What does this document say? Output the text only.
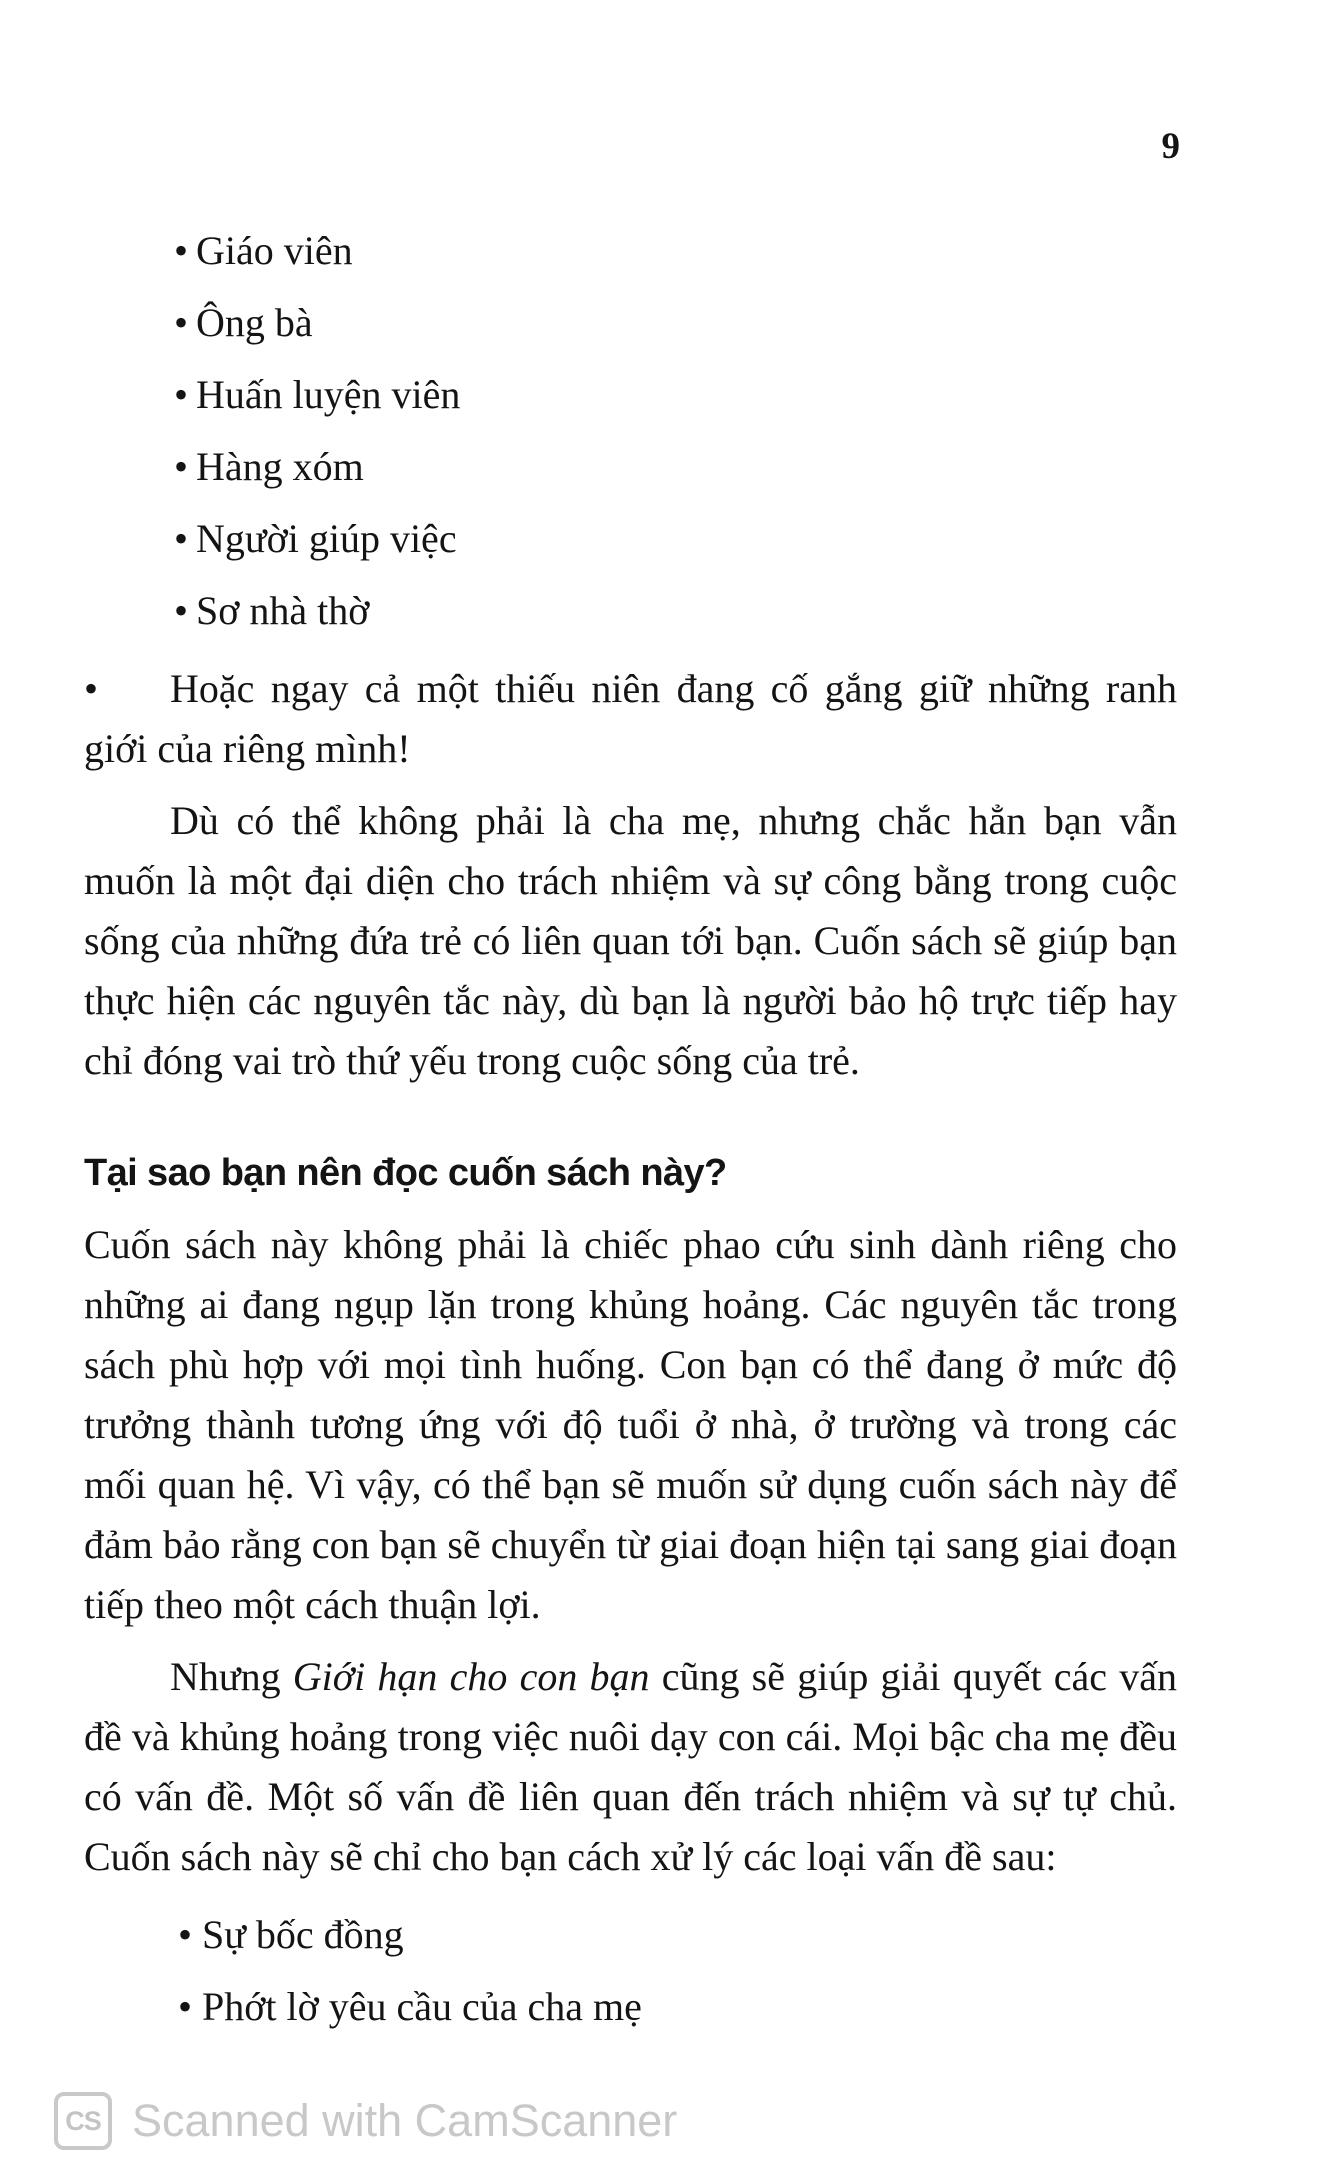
9
• Giáo viên
• Ông bà
• Huấn luyện viên
• Hàng xóm
• Người giúp việc
• Sơ nhà thờ

• Hoặc ngay cả một thiếu niên đang cố gắng giữ những ranh giới của riêng mình!

Dù có thể không phải là cha mẹ, nhưng chắc hẳn bạn vẫn muốn là một đại diện cho trách nhiệm và sự công bằng trong cuộc sống của những đứa trẻ có liên quan tới bạn. Cuốn sách sẽ giúp bạn thực hiện các nguyên tắc này, dù bạn là người bảo hộ trực tiếp hay chỉ đóng vai trò thứ yếu trong cuộc sống của trẻ.

Tại sao bạn nên đọc cuốn sách này?

Cuốn sách này không phải là chiếc phao cứu sinh dành riêng cho những ai đang ngụp lặn trong khủng hoảng. Các nguyên tắc trong sách phù hợp với mọi tình huống. Con bạn có thể đang ở mức độ trưởng thành tương ứng với độ tuổi ở nhà, ở trường và trong các mối quan hệ. Vì vậy, có thể bạn sẽ muốn sử dụng cuốn sách này để đảm bảo rằng con bạn sẽ chuyển từ giai đoạn hiện tại sang giai đoạn tiếp theo một cách thuận lợi.

Nhưng Giới hạn cho con bạn cũng sẽ giúp giải quyết các vấn đề và khủng hoảng trong việc nuôi dạy con cái. Mọi bậc cha mẹ đều có vấn đề. Một số vấn đề liên quan đến trách nhiệm và sự tự chủ. Cuốn sách này sẽ chỉ cho bạn cách xử lý các loại vấn đề sau:

• Sự bốc đồng
• Phớt lờ yêu cầu của cha mẹ
CS Scanned with CamScanner
